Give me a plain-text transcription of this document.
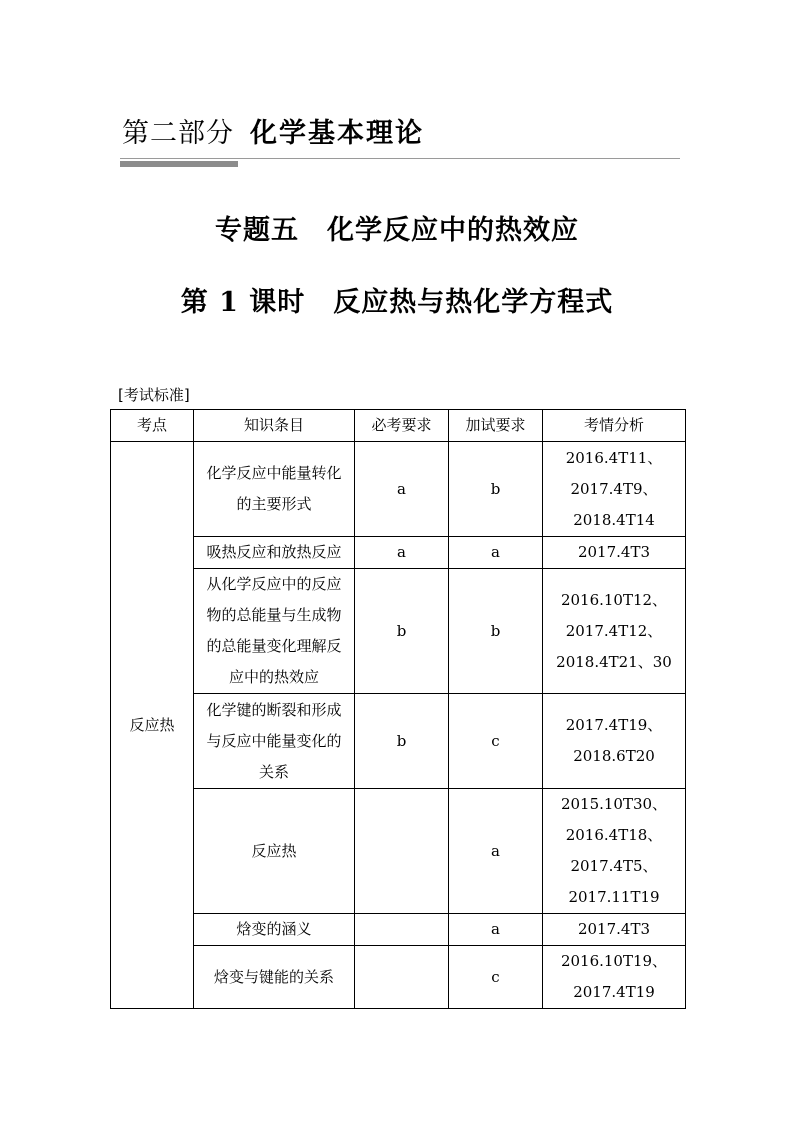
第二部分 化学基本理论
专题五　化学反应中的热效应
第 1 课时　反应热与热化学方程式
[考试标准]
考点	知识条目	必考要求	加试要求	考情分析
反应热	化学反应中能量转化
的主要形式	a	b	2016.4T11、
2017.4T9、
2018.4T14

	吸热反应和放热反应	a	a	2017.4T3

	从化学反应中的反应
物的总能量与生成物
的总能量变化理解反
应中的热效应	b	b	2016.10T12、
2017.4T12、
2018.4T21、30

	化学键的断裂和形成
与反应中能量变化的
关系	b	c	2017.4T19、
2018.6T20

	反应热		a	2015.10T30、
2016.4T18、
2017.4T5、
2017.11T19

	焓变的涵义		a	2017.4T3

	焓变与键能的关系		c	2016.10T19、
2017.4T19
